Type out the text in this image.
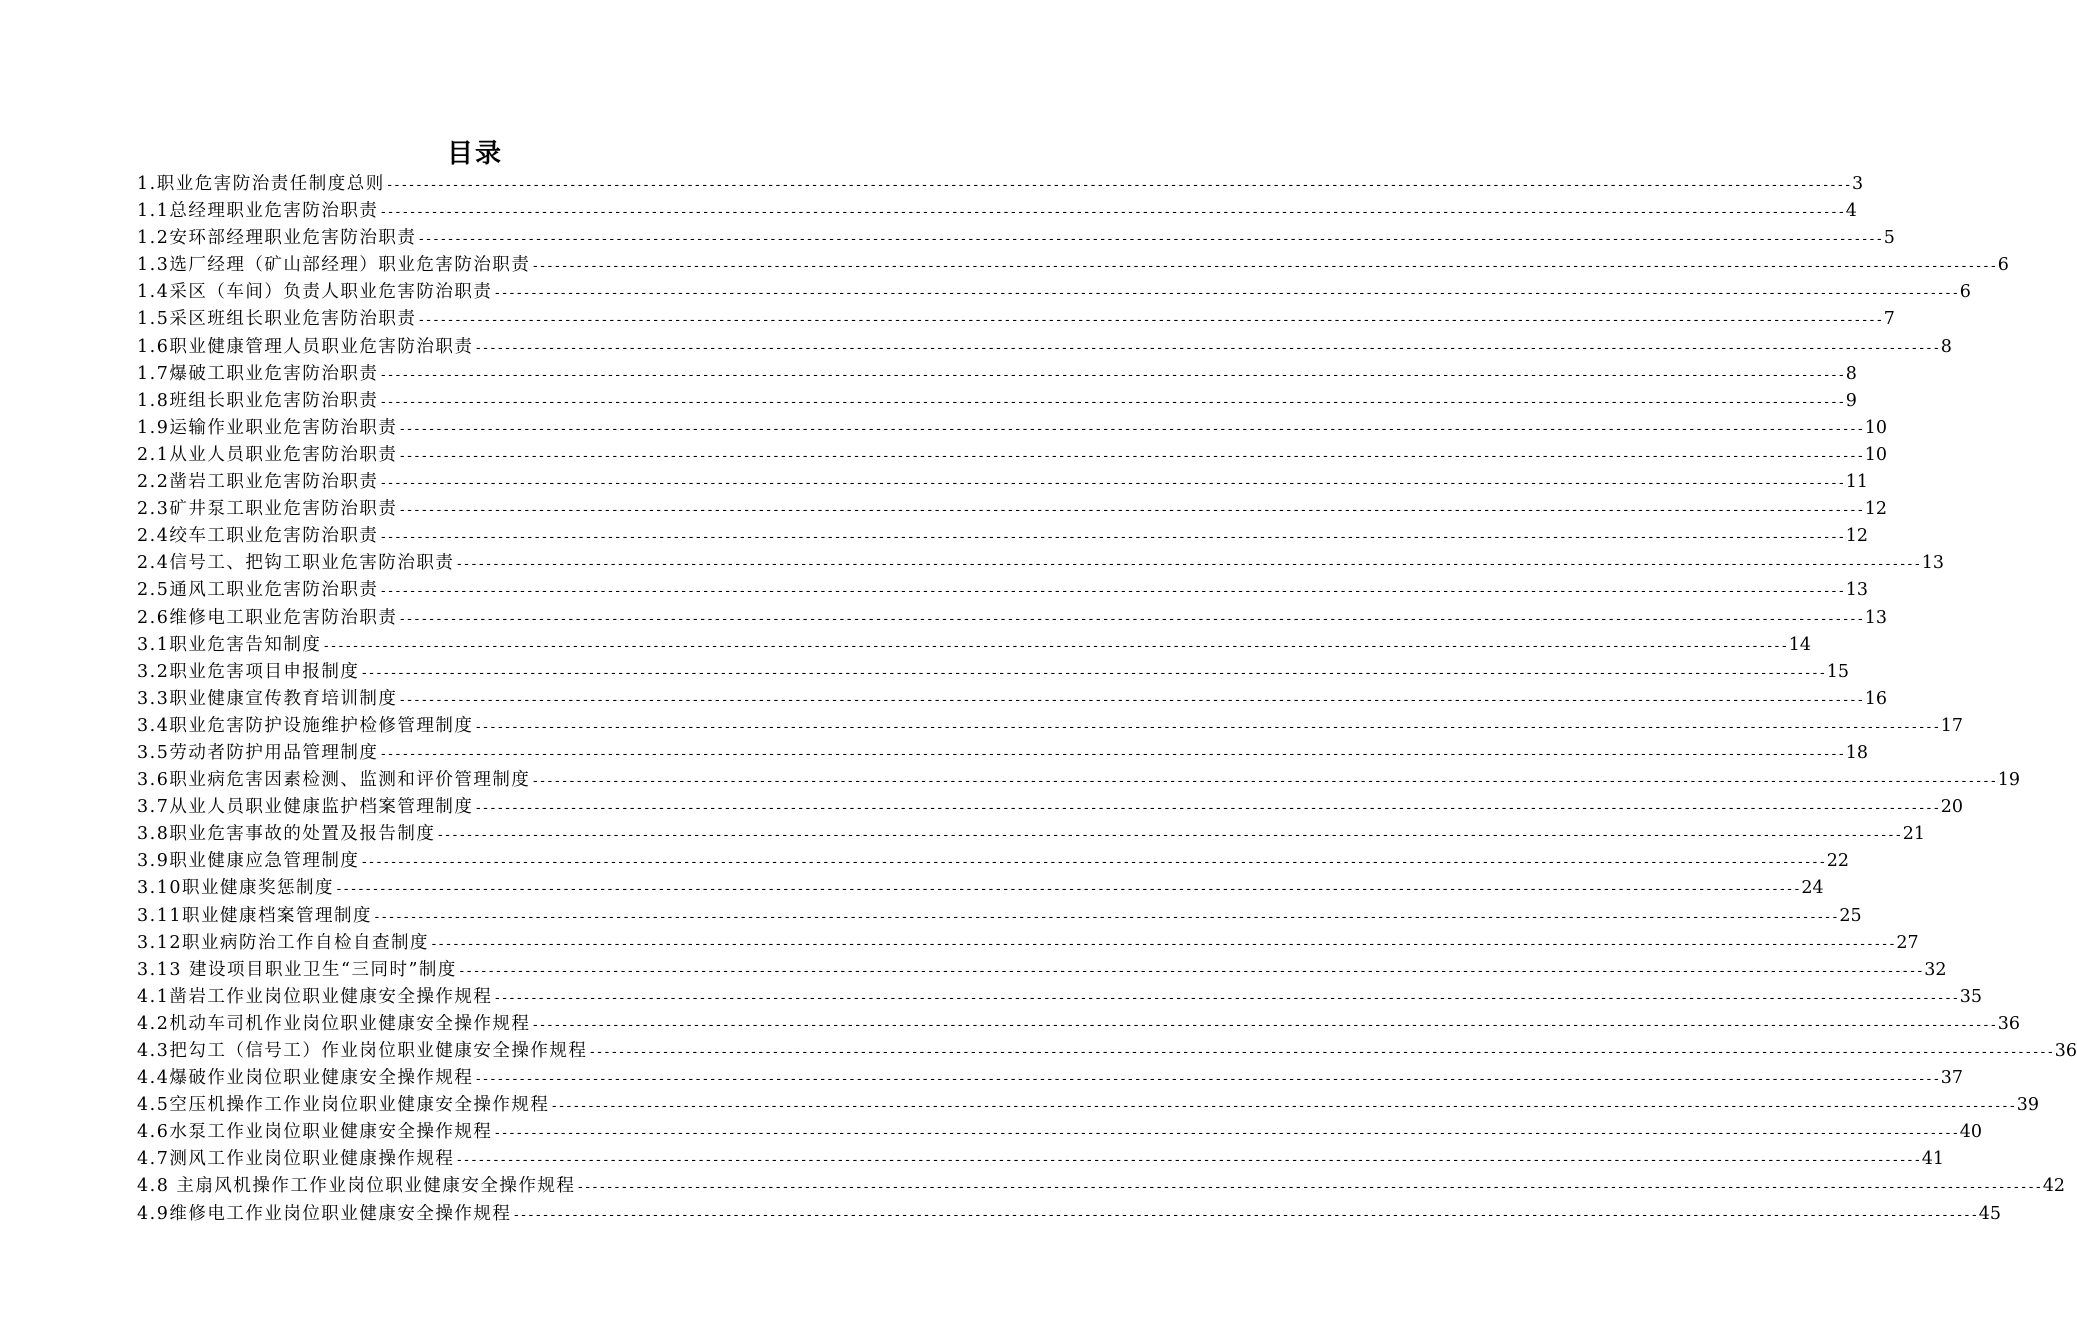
目录
1.职业危害防治责任制度总则 -------------------------------------------------------------------------------------------------------------------------------------------------------------------------------------------------------- 3
1.1总经理职业危害防治职责 -------------------------------------------------------------------------------------------------------------------------------------------------------------------------------------------------------- 4
1.2安环部经理职业危害防治职责 -------------------------------------------------------------------------------------------------------------------------------------------------------------------------------------------------------- 5
1.3选厂经理（矿山部经理）职业危害防治职责 -------------------------------------------------------------------------------------------------------------------------------------------------------------------------------------------------------- 6
1.4采区（车间）负责人职业危害防治职责 -------------------------------------------------------------------------------------------------------------------------------------------------------------------------------------------------------- 6
1.5采区班组长职业危害防治职责 -------------------------------------------------------------------------------------------------------------------------------------------------------------------------------------------------------- 7
1.6职业健康管理人员职业危害防治职责 -------------------------------------------------------------------------------------------------------------------------------------------------------------------------------------------------------- 8
1.7爆破工职业危害防治职责 -------------------------------------------------------------------------------------------------------------------------------------------------------------------------------------------------------- 8
1.8班组长职业危害防治职责 -------------------------------------------------------------------------------------------------------------------------------------------------------------------------------------------------------- 9
1.9运输作业职业危害防治职责 -------------------------------------------------------------------------------------------------------------------------------------------------------------------------------------------------------- 10
2.1从业人员职业危害防治职责 -------------------------------------------------------------------------------------------------------------------------------------------------------------------------------------------------------- 10
2.2凿岩工职业危害防治职责 -------------------------------------------------------------------------------------------------------------------------------------------------------------------------------------------------------- 11
2.3矿井泵工职业危害防治职责 -------------------------------------------------------------------------------------------------------------------------------------------------------------------------------------------------------- 12
2.4绞车工职业危害防治职责 -------------------------------------------------------------------------------------------------------------------------------------------------------------------------------------------------------- 12
2.4信号工、把钩工职业危害防治职责 -------------------------------------------------------------------------------------------------------------------------------------------------------------------------------------------------------- 13
2.5通风工职业危害防治职责 -------------------------------------------------------------------------------------------------------------------------------------------------------------------------------------------------------- 13
2.6维修电工职业危害防治职责 -------------------------------------------------------------------------------------------------------------------------------------------------------------------------------------------------------- 13
3.1职业危害告知制度 -------------------------------------------------------------------------------------------------------------------------------------------------------------------------------------------------------- 14
3.2职业危害项目申报制度 -------------------------------------------------------------------------------------------------------------------------------------------------------------------------------------------------------- 15
3.3职业健康宣传教育培训制度 -------------------------------------------------------------------------------------------------------------------------------------------------------------------------------------------------------- 16
3.4职业危害防护设施维护检修管理制度 -------------------------------------------------------------------------------------------------------------------------------------------------------------------------------------------------------- 17
3.5劳动者防护用品管理制度 -------------------------------------------------------------------------------------------------------------------------------------------------------------------------------------------------------- 18
3.6职业病危害因素检测、监测和评价管理制度 -------------------------------------------------------------------------------------------------------------------------------------------------------------------------------------------------------- 19
3.7从业人员职业健康监护档案管理制度 -------------------------------------------------------------------------------------------------------------------------------------------------------------------------------------------------------- 20
3.8职业危害事故的处置及报告制度 -------------------------------------------------------------------------------------------------------------------------------------------------------------------------------------------------------- 21
3.9职业健康应急管理制度 -------------------------------------------------------------------------------------------------------------------------------------------------------------------------------------------------------- 22
3.10职业健康奖惩制度 -------------------------------------------------------------------------------------------------------------------------------------------------------------------------------------------------------- 24
3.11职业健康档案管理制度 -------------------------------------------------------------------------------------------------------------------------------------------------------------------------------------------------------- 25
3.12职业病防治工作自检自查制度 -------------------------------------------------------------------------------------------------------------------------------------------------------------------------------------------------------- 27
3.13 建设项目职业卫生“三同时”制度 -------------------------------------------------------------------------------------------------------------------------------------------------------------------------------------------------------- 32
4.1凿岩工作业岗位职业健康安全操作规程 -------------------------------------------------------------------------------------------------------------------------------------------------------------------------------------------------------- 35
4.2机动车司机作业岗位职业健康安全操作规程 -------------------------------------------------------------------------------------------------------------------------------------------------------------------------------------------------------- 36
4.3把勾工（信号工）作业岗位职业健康安全操作规程 -------------------------------------------------------------------------------------------------------------------------------------------------------------------------------------------------------- 36
4.4爆破作业岗位职业健康安全操作规程 -------------------------------------------------------------------------------------------------------------------------------------------------------------------------------------------------------- 37
4.5空压机操作工作业岗位职业健康安全操作规程 -------------------------------------------------------------------------------------------------------------------------------------------------------------------------------------------------------- 39
4.6水泵工作业岗位职业健康安全操作规程 -------------------------------------------------------------------------------------------------------------------------------------------------------------------------------------------------------- 40
4.7测风工作业岗位职业健康操作规程 -------------------------------------------------------------------------------------------------------------------------------------------------------------------------------------------------------- 41
4.8 主扇风机操作工作业岗位职业健康安全操作规程 -------------------------------------------------------------------------------------------------------------------------------------------------------------------------------------------------------- 42
4.9维修电工作业岗位职业健康安全操作规程 -------------------------------------------------------------------------------------------------------------------------------------------------------------------------------------------------------- 45
